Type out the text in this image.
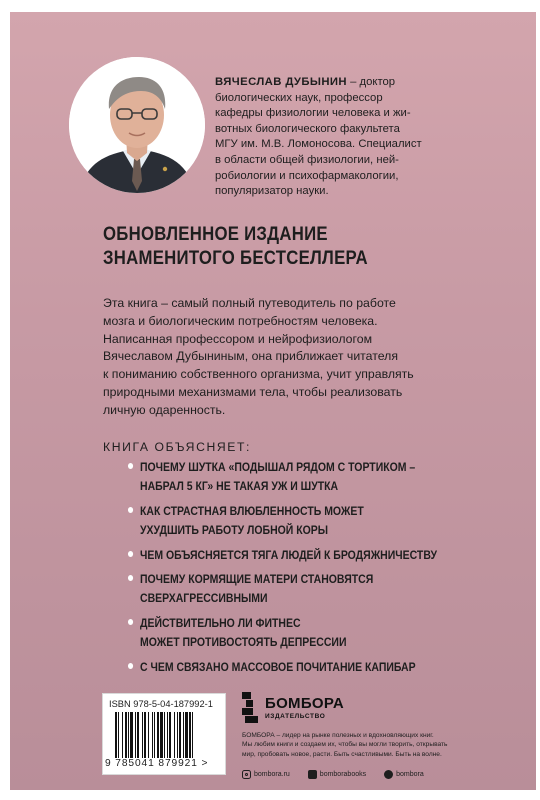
ВЯЧЕСЛАВ ДУБЫНИН – доктор
биологических наук, профессор
кафедры физиологии человека и жи-
вотных биологического факультета
МГУ им. М.В. Ломоносова. Специалист
в области общей физиологии, ней-
робиологии и психофармакологии,
популяризатор науки.
ОБНОВЛЕННОЕ ИЗДАНИЕ
ЗНАМЕНИТОГО БЕСТСЕЛЛЕРА
Эта книга – самый полный путеводитель по работе
мозга и биологическим потребностям человека.
Написанная профессором и нейрофизиологом
Вячеславом Дубыниным, она приближает читателя
к пониманию собственного организма, учит управлять
природными механизмами тела, чтобы реализовать
личную одаренность.
КНИГА ОБЪЯСНЯЕТ:
ПОЧЕМУ ШУТКА «ПОДЫШАЛ РЯДОМ С ТОРТИКОМ –
НАБРАЛ 5 КГ» НЕ ТАКАЯ УЖ И ШУТКА
КАК СТРАСТНАЯ ВЛЮБЛЕННОСТЬ МОЖЕТ
УХУДШИТЬ РАБОТУ ЛОБНОЙ КОРЫ
ЧЕМ ОБЪЯСНЯЕТСЯ ТЯГА ЛЮДЕЙ К БРОДЯЖНИЧЕСТВУ
ПОЧЕМУ КОРМЯЩИЕ МАТЕРИ СТАНОВЯТСЯ
СВЕРХАГРЕССИВНЫМИ
ДЕЙСТВИТЕЛЬНО ЛИ ФИТНЕС
МОЖЕТ ПРОТИВОСТОЯТЬ ДЕПРЕССИИ
С ЧЕМ СВЯЗАНО МАССОВОЕ ПОЧИТАНИЕ КАПИБАР
ISBN 978-5-04-187992-1
9 785041 879921 >
БОМБОРА
ИЗДАТЕЛЬСТВО
БОМБОРА – лидер на рынке полезных и вдохновляющих книг.
Мы любим книги и создаем их, чтобы вы могли творить, открывать
мир, пробовать новое, расти. Быть счастливыми. Быть на волне.
bombora.ru	bomborabooks	bombora
